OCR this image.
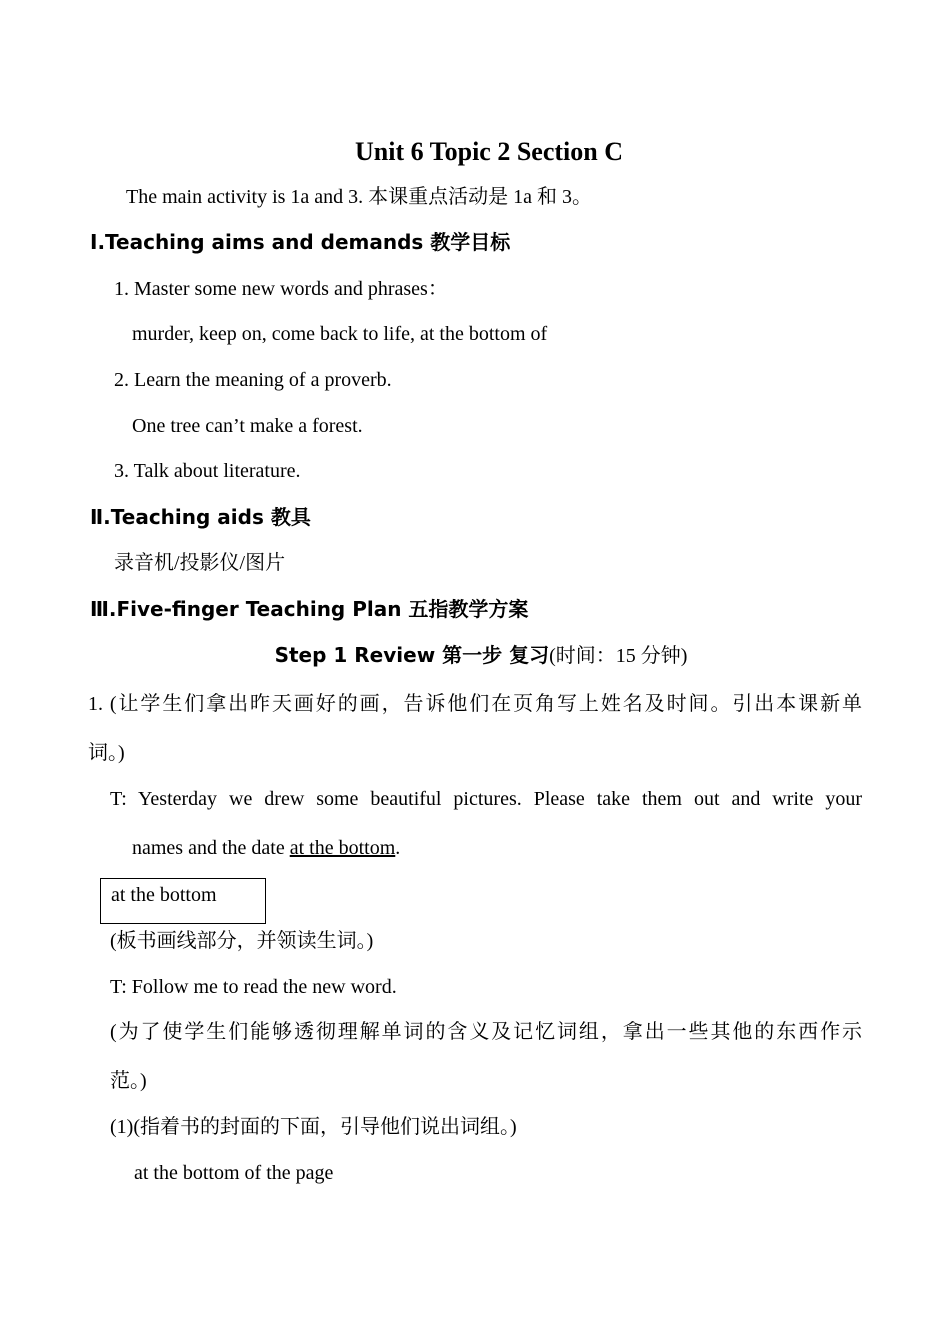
Unit 6 Topic 2 Section C
The main activity is 1a and 3. 本课重点活动是 1a 和 3。
Ⅰ.Teaching aims and demands 教学目标
1. Master some new words and phrases：
murder, keep on, come back to life, at the bottom of
2. Learn the meaning of a proverb.
One tree can’t make a forest.
3. Talk about literature.
Ⅱ.Teaching aids 教具
录音机/投影仪/图片
Ⅲ.Five-finger Teaching Plan 五指教学方案
Step 1 Review 第一步 复习(时间：15 分钟)
1. (让学生们拿出昨天画好的画，告诉他们在页角写上姓名及时间。引出本课新单
词。)
T: Yesterday we drew some beautiful pictures. Please take them out and write your
names and the date at the bottom.
at the bottom
(板书画线部分，并领读生词。)
T: Follow me to read the new word.
(为了使学生们能够透彻理解单词的含义及记忆词组，拿出一些其他的东西作示
范。)
(1)(指着书的封面的下面，引导他们说出词组。)
at the bottom of the page
